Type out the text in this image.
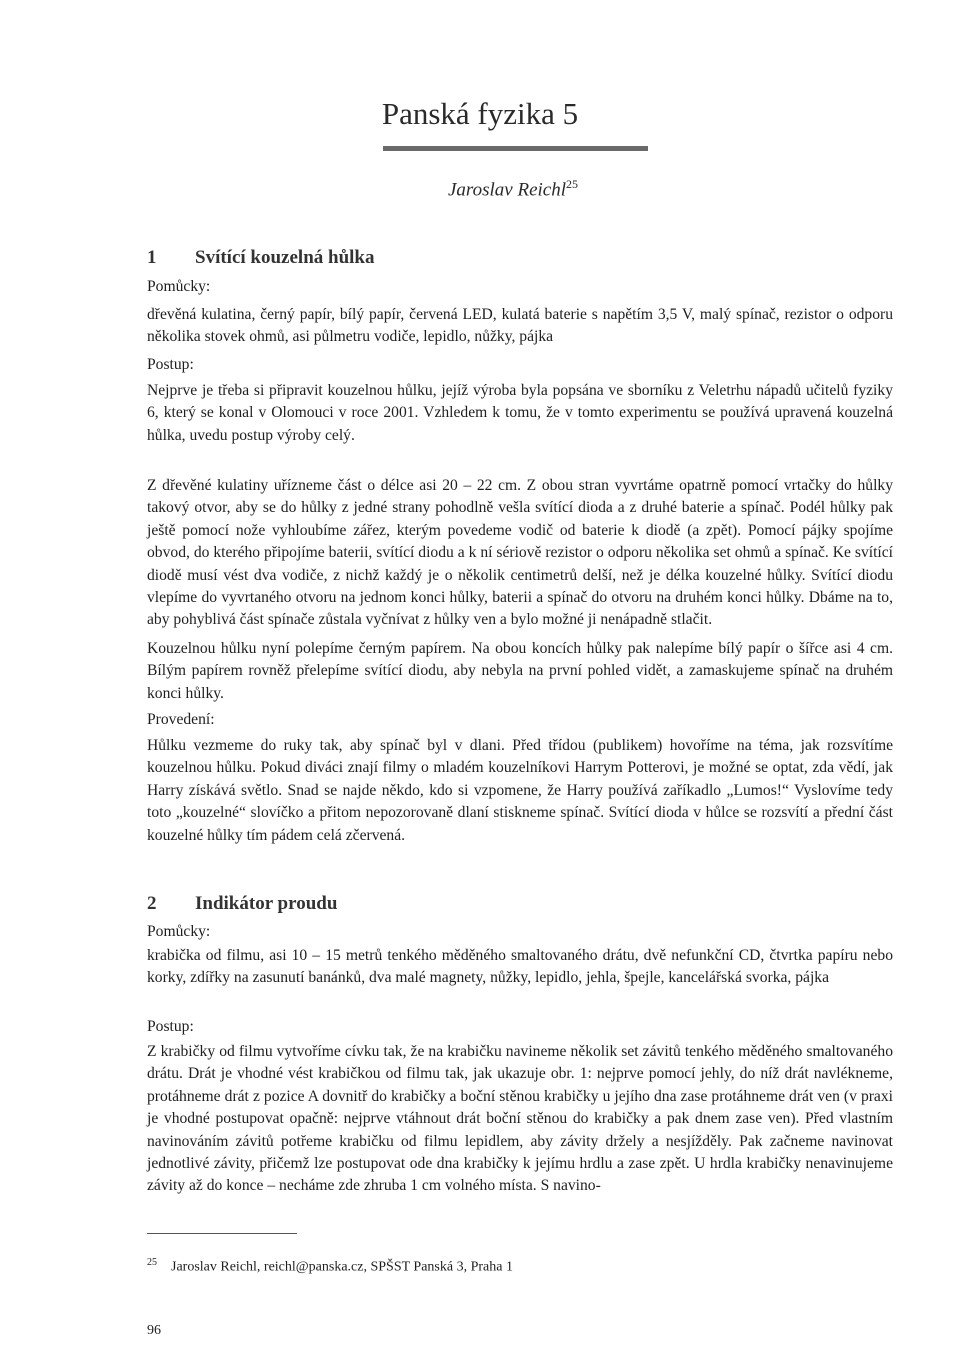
Panská fyzika 5
Jaroslav Reichl$^{25}$
1 Svítící kouzelná hůlka
Pomůcky:
dřevěná kulatina, černý papír, bílý papír, červená LED, kulatá baterie s napětím 3,5 V, malý spínač, rezistor o odporu několika stovek ohmů, asi půlmetru vodiče, lepidlo, nůžky, pájka
Postup:
Nejprve je třeba si připravit kouzelnou hůlku, jejíž výroba byla popsána ve sborníku z Veletrhu nápadů učitelů fyziky 6, který se konal v Olomouci v roce 2001. Vzhledem k tomu, že v tomto experimentu se používá upravená kouzelná hůlka, uvedu postup výroby celý.
Z dřevěné kulatiny uřízneme část o délce asi 20 – 22 cm. Z obou stran vyvrtáme opatrně pomocí vrtačky do hůlky takový otvor, aby se do hůlky z jedné strany pohodlně vešla svítící dioda a z druhé baterie a spínač. Podél hůlky pak ještě pomocí nože vyhloubíme zářez, kterým povedeme vodič od baterie k diodě (a zpět). Pomocí pájky spojíme obvod, do kterého připojíme baterii, svítící diodu a k ní sériově rezistor o odporu několika set ohmů a spínač. Ke svítící diodě musí vést dva vodiče, z nichž každý je o několik centimetrů delší, než je délka kouzelné hůlky. Svítící diodu vlepíme do vyvrtaného otvoru na jednom konci hůlky, baterii a spínač do otvoru na druhém konci hůlky. Dbáme na to, aby pohyblivá část spínače zůstala vyčnívat z hůlky ven a bylo možné ji nenápadně stlačit.
Kouzelnou hůlku nyní polepíme černým papírem. Na obou koncích hůlky pak nalepíme bílý papír o šířce asi 4 cm. Bílým papírem rovněž přelepíme svítící diodu, aby nebyla na první pohled vidět, a zamaskujeme spínač na druhém konci hůlky.
Provedení:
Hůlku vezmeme do ruky tak, aby spínač byl v dlani. Před třídou (publikem) hovoříme na téma, jak rozsvítíme kouzelnou hůlku. Pokud diváci znají filmy o mladém kouzelníkovi Harrym Potterovi, je možné se optat, zda vědí, jak Harry získává světlo. Snad se najde někdo, kdo si vzpomene, že Harry používá zaříkadlo „Lumos!“ Vyslovíme tedy toto „kouzelné“ slovíčko a přitom nepozorovaně dlaní stiskneme spínač. Svítící dioda v hůlce se rozsvítí a přední část kouzelné hůlky tím pádem celá zčervená.
2 Indikátor proudu
Pomůcky:
krabička od filmu, asi 10 – 15 metrů tenkého měděného smaltovaného drátu, dvě nefunkční CD, čtvrtka papíru nebo korky, zdířky na zasunutí banánků, dva malé magnety, nůžky, lepidlo, jehla, špejle, kancelářská svorka, pájka
Postup:
Z krabičky od filmu vytvoříme cívku tak, že na krabičku navineme několik set závitů tenkého měděného smaltovaného drátu. Drát je vhodné vést krabičkou od filmu tak, jak ukazuje obr. 1: nejprve pomocí jehly, do níž drát navlékneme, protáhneme drát z pozice A dovnitř do krabičky a boční stěnou krabičky u jejího dna zase protáhneme drát ven (v praxi je vhodné postupovat opačně: nejprve vtáhnout drát boční stěnou do krabičky a pak dnem zase ven). Před vlastním navinováním závitů potřeme krabičku od filmu lepidlem, aby závity držely a nesjížděly. Pak začneme navinovat jednotlivé závity, přičemž lze postupovat ode dna krabičky k jejímu hrdlu a zase zpět. U hrdla krabičky nenavinujeme závity až do konce – necháme zde zhruba 1 cm volného místa. S navino-
$^{25}$ Jaroslav Reichl, reichl@panska.cz, SPŠST Panská 3, Praha 1
96
